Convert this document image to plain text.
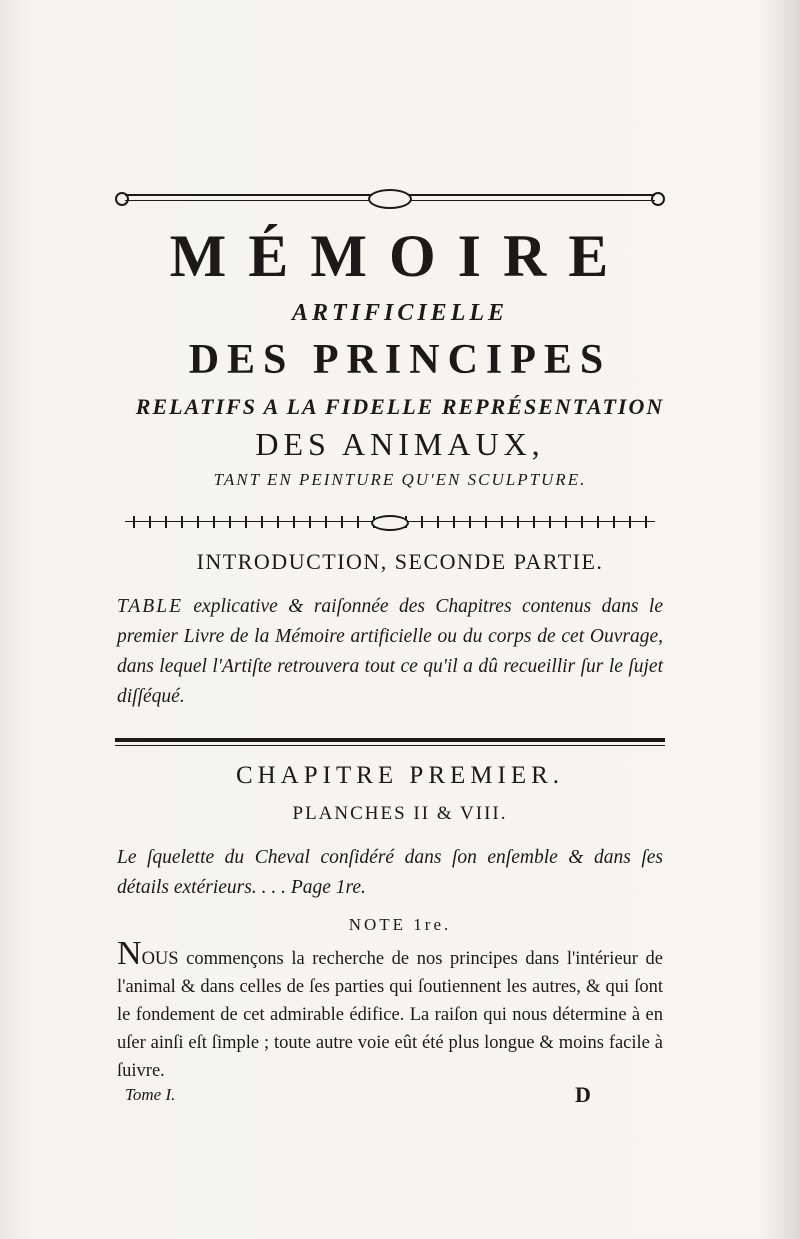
MÉMOIRE
ARTIFICIELLE
DES PRINCIPES
RELATIFS A LA FIDELLE REPRÉSENTATION
DES ANIMAUX,
TANT EN PEINTURE QU'EN SCULPTURE.
INTRODUCTION, SECONDE PARTIE.
TABLE explicative & raiſonnée des Chapitres contenus dans le premier Livre de la Mémoire artificielle ou du corps de cet Ouvrage, dans lequel l'Artiſte retrouvera tout ce qu'il a dû recueillir ſur le ſujet diſſéqué.
CHAPITRE PREMIER.
PLANCHES II & VIII.
Le ſquelette du Cheval conſidéré dans ſon enſemble & dans ſes détails extérieurs. . . . Page 1re.
NOTE 1re.
NOUS commençons la recherche de nos principes dans l'intérieur de l'animal & dans celles de ſes parties qui ſoutiennent les autres, & qui ſont le fondement de cet admirable édifice. La raiſon qui nous détermine à en uſer ainſi eſt ſimple ; toute autre voie eût été plus longue & moins facile à ſuivre.
Tome I.	D
